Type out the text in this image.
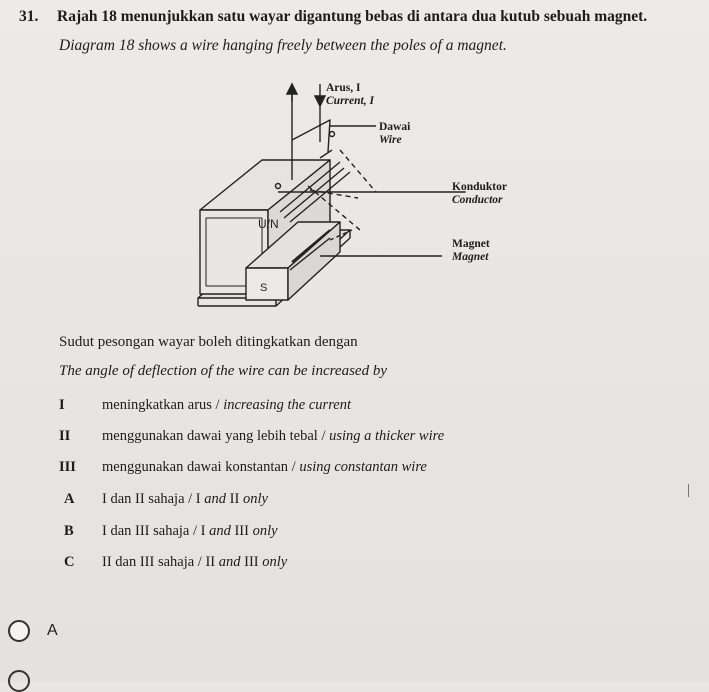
31. Rajah 18 menunjukkan satu wayar digantung bebas di antara dua kutub sebuah magnet.
Diagram 18 shows a wire hanging freely between the poles of a magnet.
U/N
S
Arus, I
Current, I
Dawai
Wire
Konduktor
Conductor
Magnet
Magnet
Sudut pesongan wayar boleh ditingkatkan dengan
The angle of deflection of the wire can be increased by
I	meningkatkan arus / increasing the current
II menggunakan dawai yang lebih tebal / using a thicker wire
III menggunakan dawai konstantan / using constantan wire
A I dan II sahaja / I and II only
B I dan III sahaja / I and III only
C II dan III sahaja / II and III only
A
